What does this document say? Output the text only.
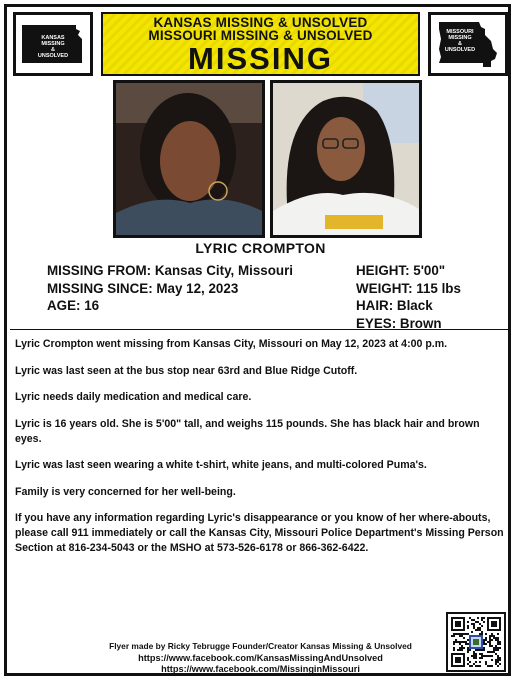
KANSAS
MISSING
&
UNSOLVED
KANSAS MISSING & UNSOLVED
MISSOURI MISSING & UNSOLVED
MISSING
MISSOURI
MISSING
&
UNSOLVED
LYRIC CROMPTON
MISSING FROM: Kansas City, Missouri
MISSING SINCE: May 12, 2023
AGE: 16
HEIGHT: 5'00"
WEIGHT: 115 lbs
HAIR: Black
EYES: Brown

Lyric Crompton went missing from Kansas City, Missouri on May 12, 2023 at 4:00 p.m.

Lyric was last seen at the bus stop near 63rd and Blue Ridge Cutoff.

Lyric needs daily medication and medical care.

Lyric is 16 years old. She is 5'00" tall, and weighs 115 pounds. She has black hair and brown eyes.

Lyric was last seen wearing a white t-shirt, white jeans, and multi-colored Puma's.

Family is very concerned for her well-being.

If you have any information regarding Lyric's disappearance or you know of her where-abouts, please call 911 immediately or call the Kansas City, Missouri Police Department's Missing Person Section at 816-234-5043 or the MSHO at 573-526-6178 or 866-362-6422.

Flyer made by Ricky Tebrugge Founder/Creator Kansas Missing & Unsolved
https://www.facebook.com/KansasMissingAndUnsolved
https://www.facebook.com/MissinginMissouri
